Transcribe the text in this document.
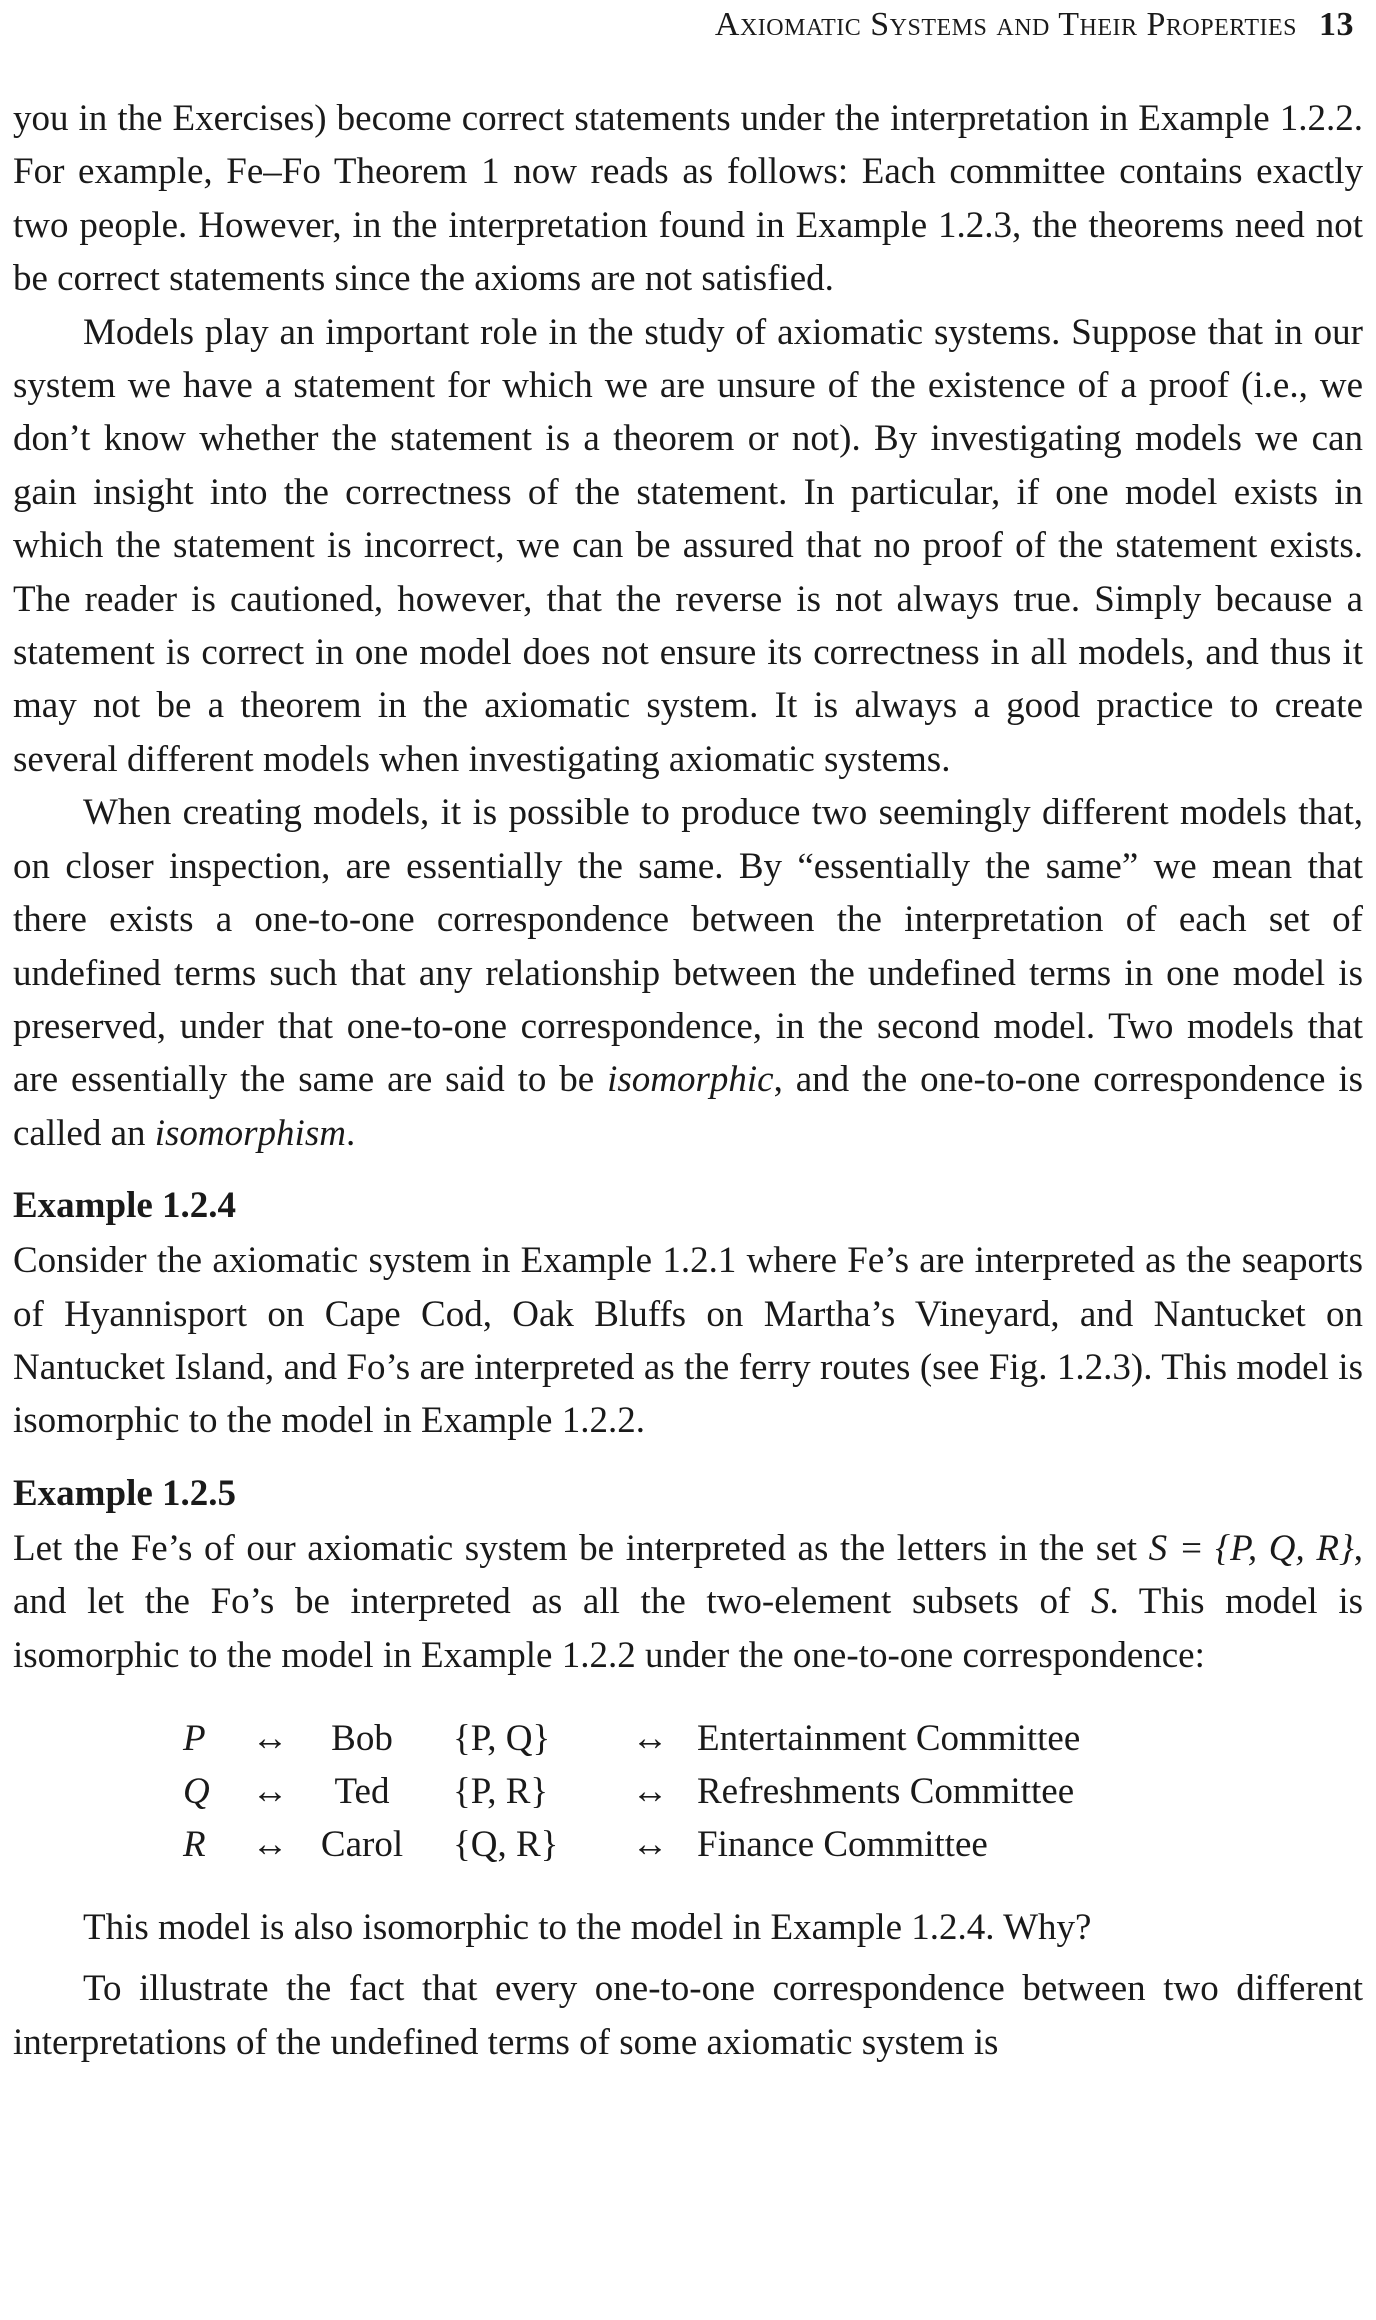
Axiomatic Systems and Their Properties 13

you in the Exercises) become correct statements under the interpretation in Example 1.2.2. For example, Fe–Fo Theorem 1 now reads as follows: Each committee contains exactly two people. However, in the interpretation found in Example 1.2.3, the theorems need not be correct statements since the axioms are not satisfied.

Models play an important role in the study of axiomatic systems. Suppose that in our system we have a statement for which we are unsure of the existence of a proof (i.e., we don’t know whether the statement is a theorem or not). By investigating models we can gain insight into the correctness of the statement. In particular, if one model exists in which the statement is incorrect, we can be assured that no proof of the statement exists. The reader is cautioned, however, that the reverse is not always true. Simply because a statement is correct in one model does not ensure its correctness in all models, and thus it may not be a theorem in the axiomatic system. It is always a good practice to create several different models when investigating axiomatic systems.

When creating models, it is possible to produce two seemingly different models that, on closer inspection, are essentially the same. By “essentially the same” we mean that there exists a one-to-one correspondence between the interpretation of each set of undefined terms such that any relationship between the undefined terms in one model is preserved, under that one-to-one correspondence, in the second model. Two models that are essentially the same are said to be isomorphic, and the one-to-one correspondence is called an isomorphism.

Example 1.2.4

Consider the axiomatic system in Example 1.2.1 where Fe’s are interpreted as the seaports of Hyannisport on Cape Cod, Oak Bluffs on Martha’s Vineyard, and Nantucket on Nantucket Island, and Fo’s are interpreted as the ferry routes (see Fig. 1.2.3). This model is isomorphic to the model in Example 1.2.2.

Example 1.2.5

Let the Fe’s of our axiomatic system be interpreted as the letters in the set S = {P, Q, R}, and let the Fo’s be interpreted as all the two-element subsets of S. This model is isomorphic to the model in Example 1.2.2 under the one-to-one correspondence:

P	↔	Bob	{P, Q}	↔	Entertainment Committee
Q	↔	Ted	{P, R}	↔	Refreshments Committee
R	↔	Carol	{Q, R}	↔	Finance Committee

This model is also isomorphic to the model in Example 1.2.4. Why?

To illustrate the fact that every one-to-one correspondence between two different interpretations of the undefined terms of some axiomatic system is
